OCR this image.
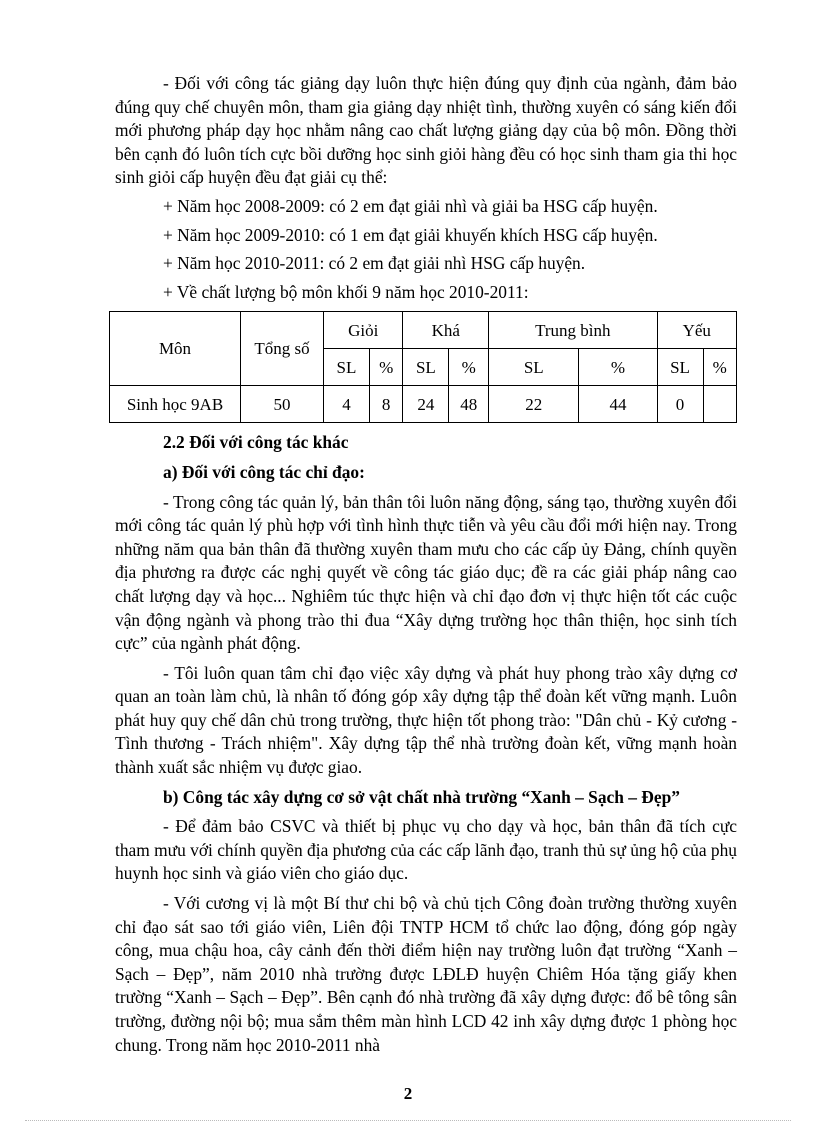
- Đối với công tác giảng dạy luôn thực hiện đúng quy định của ngành, đảm bảo đúng quy chế chuyên môn, tham gia giảng dạy nhiệt tình, thường xuyên có sáng kiến đổi mới phương pháp dạy học nhằm nâng cao chất lượng giảng dạy của bộ môn. Đồng thời bên cạnh đó luôn tích cực bồi dưỡng học sinh giỏi hàng đều có học sinh tham gia thi học sinh giỏi cấp huyện đều đạt giải cụ thể:

+ Năm học 2008-2009: có 2 em đạt giải nhì và giải ba HSG cấp huyện.

+ Năm học 2009-2010: có 1 em đạt giải khuyến khích HSG cấp huyện.

+ Năm học 2010-2011: có 2 em đạt giải nhì HSG cấp huyện.

+ Về chất lượng bộ môn khối 9 năm học 2010-2011:

Môn	Tổng số	Giỏi		Khá		Trung bình		Yếu	
		SL	%	SL	%	SL	%	SL	%
Sinh học 9AB	50	4	8	24	48	22	44	0	

2.2 Đối với công tác khác

a) Đối với công tác chỉ đạo:

- Trong công tác quản lý, bản thân tôi luôn năng động, sáng tạo, thường xuyên đổi mới công tác quản lý phù hợp với tình hình thực tiễn và yêu cầu đổi mới hiện nay. Trong những năm qua bản thân đã thường xuyên tham mưu cho các cấp ủy Đảng, chính quyền địa phương ra được các nghị quyết về công tác giáo dục; đề ra các giải pháp nâng cao chất lượng dạy và học... Nghiêm túc thực hiện và chỉ đạo đơn vị thực hiện tốt các cuộc vận động ngành và phong trào thi đua “Xây dựng trường học thân thiện, học sinh tích cực” của ngành phát động.

- Tôi luôn quan tâm chỉ đạo việc xây dựng và phát huy phong trào xây dựng cơ quan an toàn làm chủ, là nhân tố đóng góp xây dựng tập thể đoàn kết vững mạnh. Luôn phát huy quy chế dân chủ trong trường, thực hiện tốt phong trào: "Dân chủ - Kỷ cương - Tình thương - Trách nhiệm". Xây dựng tập thể nhà trường đoàn kết, vững mạnh hoàn thành xuất sắc nhiệm vụ được giao.

b) Công tác xây dựng cơ sở vật chất nhà trường “Xanh – Sạch – Đẹp”

- Để đảm bảo CSVC và thiết bị phục vụ cho dạy và học, bản thân đã tích cực tham mưu với chính quyền địa phương của các cấp lãnh đạo, tranh thủ sự ủng hộ của phụ huynh học sinh và giáo viên cho giáo dục.

- Với cương vị là một Bí thư chi bộ và chủ tịch Công đoàn trường thường xuyên chỉ đạo sát sao tới giáo viên, Liên đội TNTP HCM tổ chức lao động, đóng góp ngày công, mua chậu hoa, cây cảnh đến thời điểm hiện nay trường luôn đạt trường “Xanh – Sạch – Đẹp”, năm 2010 nhà trường được LĐLĐ huyện Chiêm Hóa tặng giấy khen trường “Xanh – Sạch – Đẹp”. Bên cạnh đó nhà trường đã xây dựng được: đổ bê tông sân trường, đường nội bộ; mua sắm thêm màn hình LCD 42 inh xây dựng được 1 phòng học chung. Trong năm học 2010-2011 nhà

2
